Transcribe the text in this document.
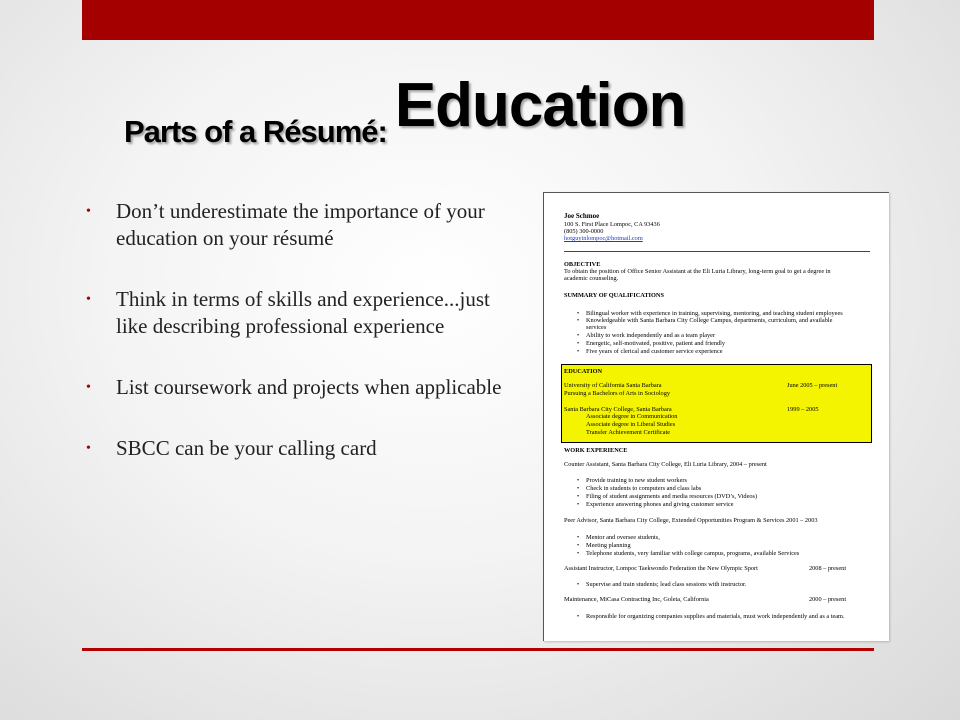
Parts of a Résumé: Education
• Don’t underestimate the importance of your education on your résumé
• Think in terms of skills and experience...just like describing professional experience
• List coursework and projects when applicable
• SBCC can be your calling card
Joe Schmoe
100 S. First Place Lompoc, CA 93436
(805) 300-0000
hotguyinlompoc@hotmail.com
OBJECTIVE
To obtain the position of Office Senior Assistant at the Eli Luria Library, long-term goal to get a degree in
academic counseling.
SUMMARY OF QUALIFICATIONS
• Bilingual worker with experience in training, supervising, mentoring, and teaching student employees
• Knowledgeable with Santa Barbara City College Campus, departments, curriculum, and available
services
• Ability to work independently and as a team player
• Energetic, self-motivated, positive, patient and friendly
• Five years of clerical and customer service experience
EDUCATION
University of California Santa Barbara	June 2005 – present
Pursuing a Bachelors of Arts in Sociology
Santa Barbara City College, Santa Barbara	1999 – 2005
Associate degree in Communication
Associate degree in Liberal Studies
Transfer Achievement Certificate
WORK EXPERIENCE
Counter Assistant, Santa Barbara City College, Eli Luria Library, 2004 – present
• Provide training to new student workers
• Check in students to computers and class labs
• Filing of student assignments and media resources (DVD’s, Videos)
• Experience answering phones and giving customer service
Peer Advisor, Santa Barbara City College, Extended Opportunities Program & Services 2001 – 2003
• Mentor and oversee students,
• Meeting planning
• Telephone students, very familiar with college campus, programs, available Services
Assistant Instructor, Lompoc Taekwondo Federation the New Olympic Sport	2008 – present
• Supervise and train students; lead class sessions with instructor.
Maintenance, MiCasa Contracting Inc, Goleta, California	2000 – present
• Responsible for organizing companies supplies and materials, must work independently and as a team.
